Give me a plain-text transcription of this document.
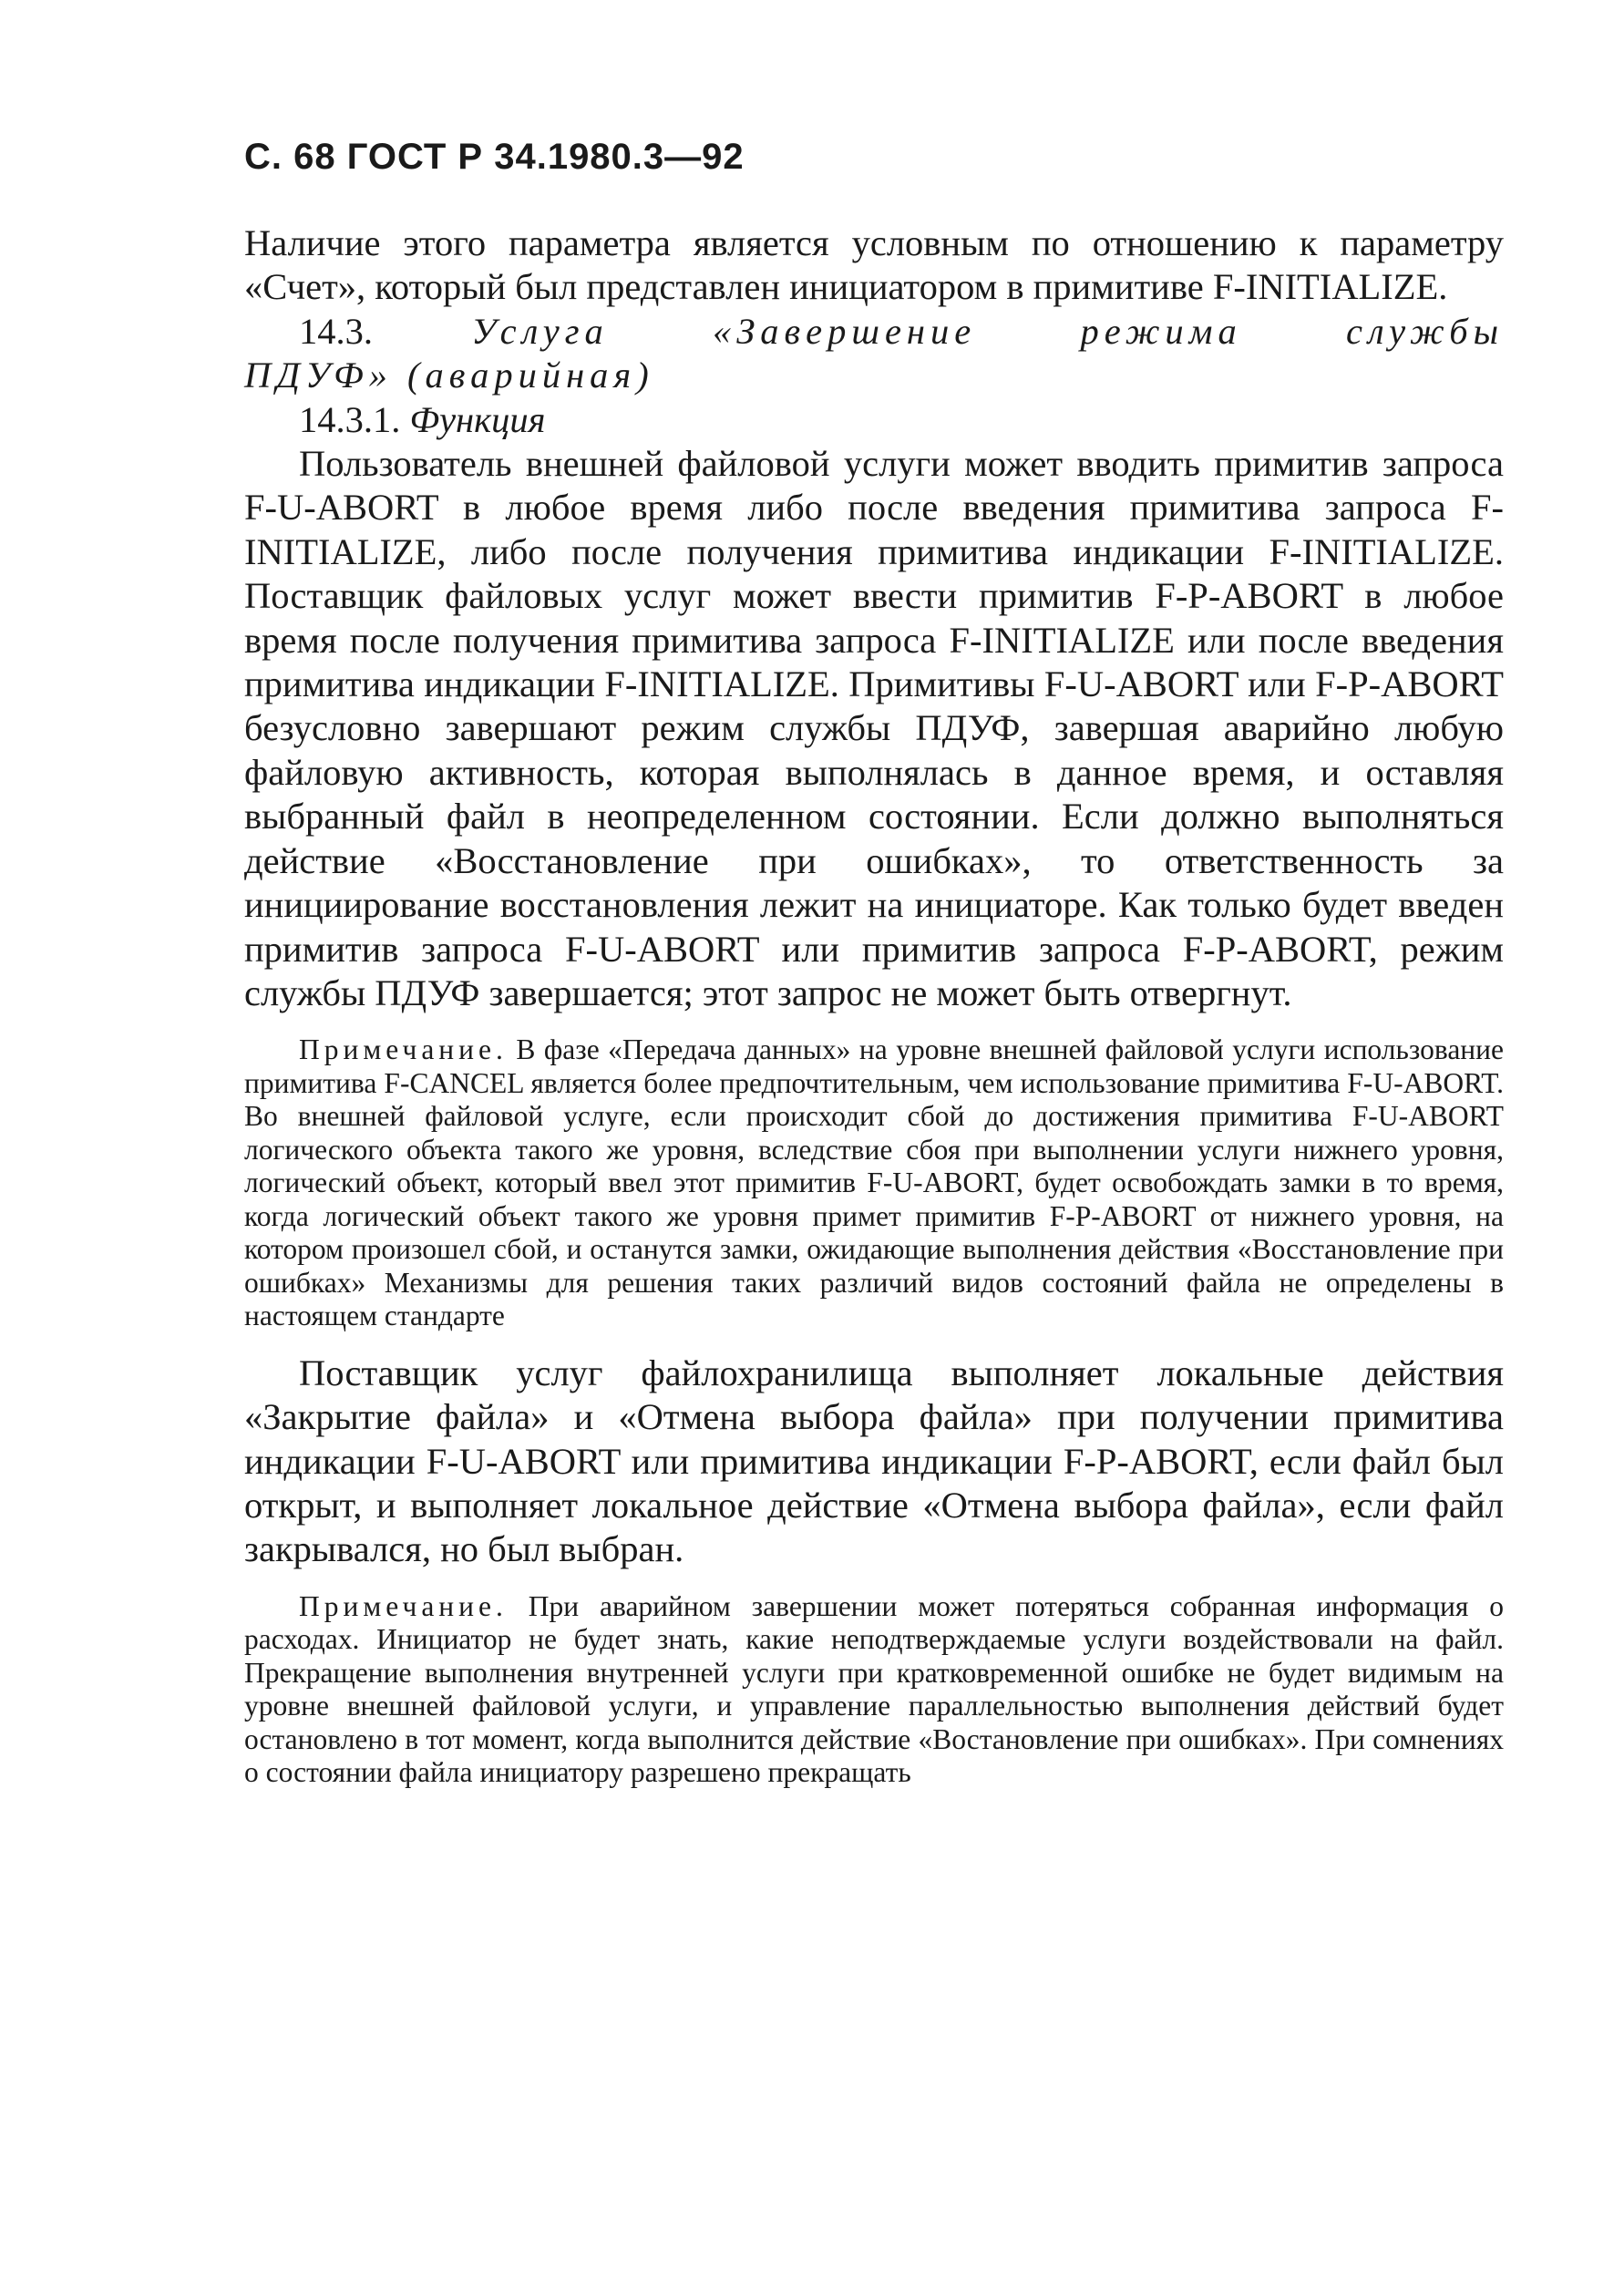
С. 68 ГОСТ Р 34.1980.3—92

Наличие этого параметра является условным по отношению к параметру «Счет», который был представлен инициатором в примитиве F-INITIALIZE.

14.3.	Услуга «Завершение режима службы

ПДУФ» (аварийная)

14.3.1. Функция

Пользователь внешней файловой услуги может вводить примитив запроса F-U-ABORT в любое время либо после введения примитива запроса F-INITIALIZE, либо после получения примитива индикации F-INITIALIZE. Поставщик файловых услуг может ввести примитив F-P-ABORT в любое время после получения примитива запроса F-INITIALIZE или после введения примитива индикации F-INITIALIZE. Примитивы F-U-ABORT или F-P-ABORT безусловно завершают режим службы ПДУФ, завершая аварийно любую файловую активность, которая выполнялась в данное время, и оставляя выбранный файл в неопределенном состоянии. Если должно выполняться действие «Восстановление при ошибках», то ответственность за инициирование восстановления лежит на инициаторе. Как только будет введен примитив запроса F-U-ABORT или примитив запроса F-P-ABORT, режим службы ПДУФ завершается; этот запрос не может быть отвергнут.

Примечание. В фазе «Передача данных» на уровне внешней файловой услуги использование примитива F-CANCEL является более предпочтительным, чем использование примитива F-U-ABORT. Во внешней файловой услуге, если происходит сбой до достижения примитива F-U-ABORT логического объекта такого же уровня, вследствие сбоя при выполнении услуги нижнего уровня, логический объект, который ввел этот примитив F-U-ABORT, будет освобождать замки в то время, когда логический объект такого же уровня примет примитив F-P-ABORT от нижнего уровня, на котором произошел сбой, и останутся замки, ожидающие выполнения действия «Восстановление при ошибках» Механизмы для решения таких различий видов состояний файла не определены в настоящем стандарте

Поставщик услуг файлохранилища выполняет локальные действия «Закрытие файла» и «Отмена выбора файла» при получении примитива индикации F-U-ABORT или примитива индикации F-P-ABORT, если файл был открыт, и выполняет локальное действие «Отмена выбора файла», если файл закрывался, но был выбран.

Примечание. При аварийном завершении может потеряться собранная информация о расходах. Инициатор не будет знать, какие неподтверждаемые услуги воздействовали на файл. Прекращение выполнения внутренней услуги при кратковременной ошибке не будет видимым на уровне внешней файловой услуги, и управление параллельностью выполнения действий будет остановлено в тот момент, когда выполнится действие «Востановление при ошибках». При сомнениях о состоянии файла инициатору разрешено прекращать
